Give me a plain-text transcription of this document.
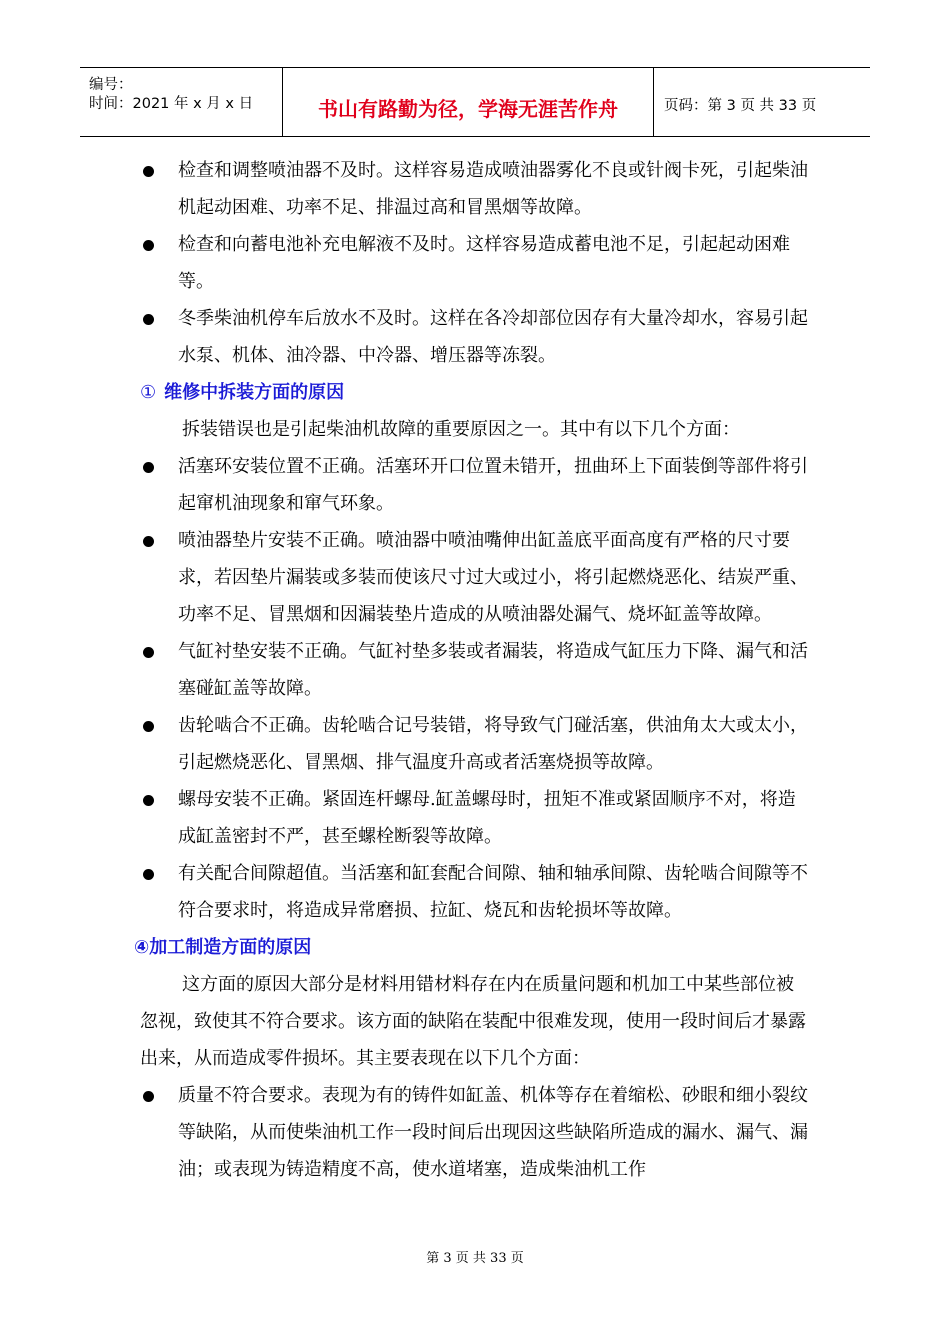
编号：
时间：2021 年 x 月 x 日	书山有路勤为径，学海无涯苦作舟	页码：第 3 页 共 33 页
检查和调整喷油器不及时。这样容易造成喷油器雾化不良或针阀卡死，引起柴油机起动困难、功率不足、排温过高和冒黑烟等故障。
检查和向蓄电池补充电解液不及时。这样容易造成蓄电池不足，引起起动困难等。
冬季柴油机停车后放水不及时。这样在各冷却部位因存有大量冷却水，容易引起水泵、机体、油冷器、中冷器、增压器等冻裂。
① 维修中拆装方面的原因
拆装错误也是引起柴油机故障的重要原因之一。其中有以下几个方面：
活塞环安装位置不正确。活塞环开口位置未错开，扭曲环上下面装倒等部件将引起窜机油现象和窜气环象。
喷油器垫片安装不正确。喷油器中喷油嘴伸出缸盖底平面高度有严格的尺寸要求，若因垫片漏装或多装而使该尺寸过大或过小，将引起燃烧恶化、结炭严重、功率不足、冒黑烟和因漏装垫片造成的从喷油器处漏气、烧坏缸盖等故障。
气缸衬垫安装不正确。气缸衬垫多装或者漏装，将造成气缸压力下降、漏气和活塞碰缸盖等故障。
齿轮啮合不正确。齿轮啮合记号装错，将导致气门碰活塞，供油角太大或太小，引起燃烧恶化、冒黑烟、排气温度升高或者活塞烧损等故障。
螺母安装不正确。紧固连杆螺母.缸盖螺母时，扭矩不准或紧固顺序不对，将造成缸盖密封不严，甚至螺栓断裂等故障。
有关配合间隙超值。当活塞和缸套配合间隙、轴和轴承间隙、齿轮啮合间隙等不符合要求时，将造成异常磨损、拉缸、烧瓦和齿轮损坏等故障。
④加工制造方面的原因
这方面的原因大部分是材料用错材料存在内在质量问题和机加工中某些部位被忽视，致使其不符合要求。该方面的缺陷在装配中很难发现，使用一段时间后才暴露出来，从而造成零件损坏。其主要表现在以下几个方面：
质量不符合要求。表现为有的铸件如缸盖、机体等存在着缩松、砂眼和细小裂纹等缺陷，从而使柴油机工作一段时间后出现因这些缺陷所造成的漏水、漏气、漏油；或表现为铸造精度不高，使水道堵塞，造成柴油机工作
第 3 页 共 33 页
